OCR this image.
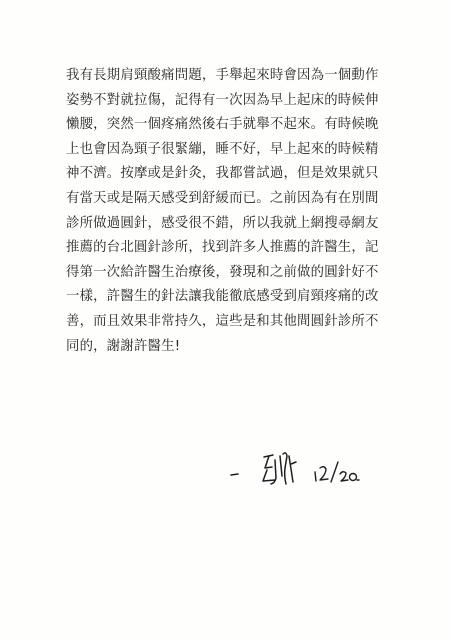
我有長期肩頸酸痛問題，手舉起來時會因為一個動作
姿勢不對就拉傷，記得有一次因為早上起床的時候伸
懶腰，突然一個疼痛然後右手就舉不起來。有時候晚
上也會因為頸子很緊繃，睡不好，早上起來的時候精
神不濟。按摩或是針灸，我都嘗試過，但是效果就只
有當天或是隔天感受到舒緩而已。之前因為有在別間
診所做過圓針，感受很不錯，所以我就上網搜尋網友
推薦的台北圓針診所，找到許多人推薦的許醫生，記
得第一次給許醫生治療後，發現和之前做的圓針好不
一樣，許醫生的針法讓我能徹底感受到肩頸疼痛的改
善，而且效果非常持久，這些是和其他間圓針診所不
同的，謝謝許醫生!
